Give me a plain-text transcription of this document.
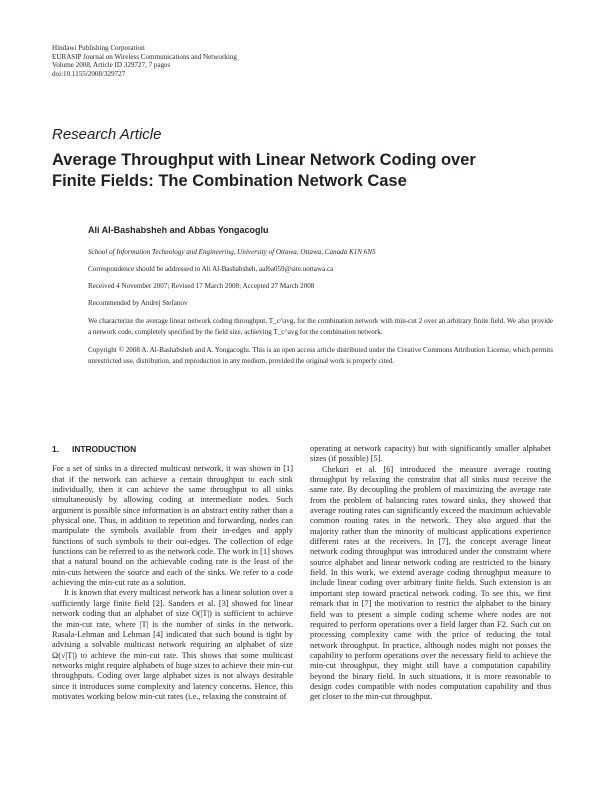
Hindawi Publishing Corporation
EURASIP Journal on Wireless Communications and Networking
Volume 2008, Article ID 329727, 7 pages
doi:10.1155/2008/329727
Research Article
Average Throughput with Linear Network Coding over
Finite Fields: The Combination Network Case

Ali Al-Bashabsheh and Abbas Yongacoglu

School of Information Technology and Engineering, University of Ottawa, Ottawa, Canada K1N 6N5

Correspondence should be addressed to Ali Al-Bashabsheh, aalba059@site.uottawa.ca

Received 4 November 2007; Revised 17 March 2008; Accepted 27 March 2008

Recommended by Andrej Stefanov

We characterize the average linear network coding throughput, T_c^avg, for the combination network with min-cut 2 over an arbitrary finite field. We also provide a network code, completely specified by the field size, achieving T_c^avg for the combination network.

Copyright © 2008 A. Al-Bashabsheh and A. Yongacoglu. This is an open access article distributed under the Creative Commons Attribution License, which permits unrestricted use, distribution, and reproduction in any medium, provided the original work is properly cited.

1. INTRODUCTION

For a set of sinks in a directed multicast network, it was shown in [1] that if the network can achieve a certain throughput to each sink individually, then it can achieve the same throughput to all sinks simultaneously by allowing coding at intermediate nodes. Such argument is possible since information is an abstract entity rather than a physical one. Thus, in addition to repetition and forwarding, nodes can manipulate the symbols available from their in-edges and apply functions of such symbols to their out-edges. The collection of edge functions can be referred to as the network code. The work in [1] shows that a natural bound on the achievable coding rate is the least of the min-cuts between the source and each of the sinks. We refer to a code achieving the min-cut rate as a solution.

It is known that every multicast network has a linear solution over a sufficiently large finite field [2]. Sanders et al. [3] showed for linear network coding that an alphabet of size O(|T|) is sufficient to achieve the min-cut rate, where |T| is the number of sinks in the network. Rasala-Lehman and Lehman [4] indicated that such bound is tight by advising a solvable multicast network requiring an alphabet of size Ω(√|T|) to achieve the min-cut rate. This shows that some multicast networks might require alphabets of huge sizes to achieve their min-cut throughputs. Coding over large alphabet sizes is not always desirable since it introduces some complexity and latency concerns. Hence, this motivates working below min-cut rates (i.e., relaxing the constraint of

operating at network capacity) but with significantly smaller alphabet sizes (if possible) [5].

Chekuri et al. [6] introduced the measure average routing throughput by relaxing the constraint that all sinks must receive the same rate. By decoupling the problem of maximizing the average rate from the problem of balancing rates toward sinks, they showed that average routing rates can significantly exceed the maximum achievable common routing rates in the network. They also argued that the majority rather than the minority of multicast applications experience different rates at the receivers. In [7], the concept average linear network coding throughput was introduced under the constraint where source alphabet and linear network coding are restricted to the binary field. In this work, we extend average coding throughput measure to include linear coding over arbitrary finite fields. Such extension is an important step toward practical network coding. To see this, we first remark that in [7] the motivation to restrict the alphabet to the binary field was to present a simple coding scheme where nodes are not required to perform operations over a field larger than F2. Such cut on processing complexity came with the price of reducing the total network throughput. In practice, although nodes might not posses the capability to perform operations over the necessary field to achieve the min-cut throughput, they might still have a computation capability beyond the binary field. In such situations, it is more reasonable to design codes compatible with nodes computation capability and thus get closer to the min-cut throughput.
